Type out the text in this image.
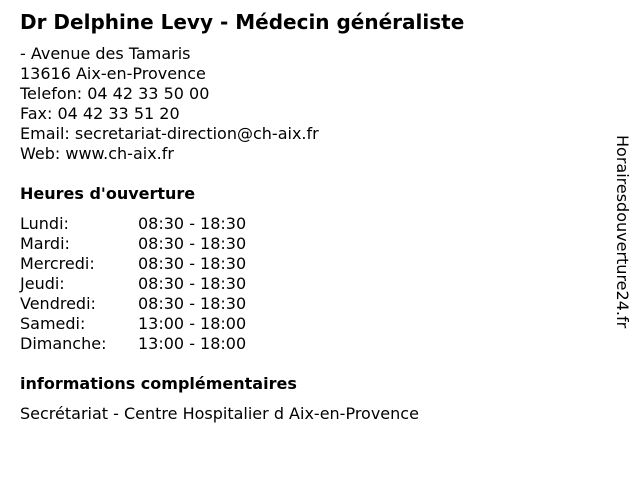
Dr Delphine Levy - Médecin généraliste
- Avenue des Tamaris
13616 Aix-en-Provence
Telefon: 04 42 33 50 00
Fax: 04 42 33 51 20
Email: secretariat-direction@ch-aix.fr
Web: www.ch-aix.fr
Heures d'ouverture
Lundi:	08:30 - 18:30
Mardi:	08:30 - 18:30
Mercredi:	08:30 - 18:30
Jeudi:	08:30 - 18:30
Vendredi:	08:30 - 18:30
Samedi:	13:00 - 18:00
Dimanche:	13:00 - 18:00
informations complémentaires
Secrétariat - Centre Hospitalier d Aix-en-Provence
Horairesdouverture24.fr
